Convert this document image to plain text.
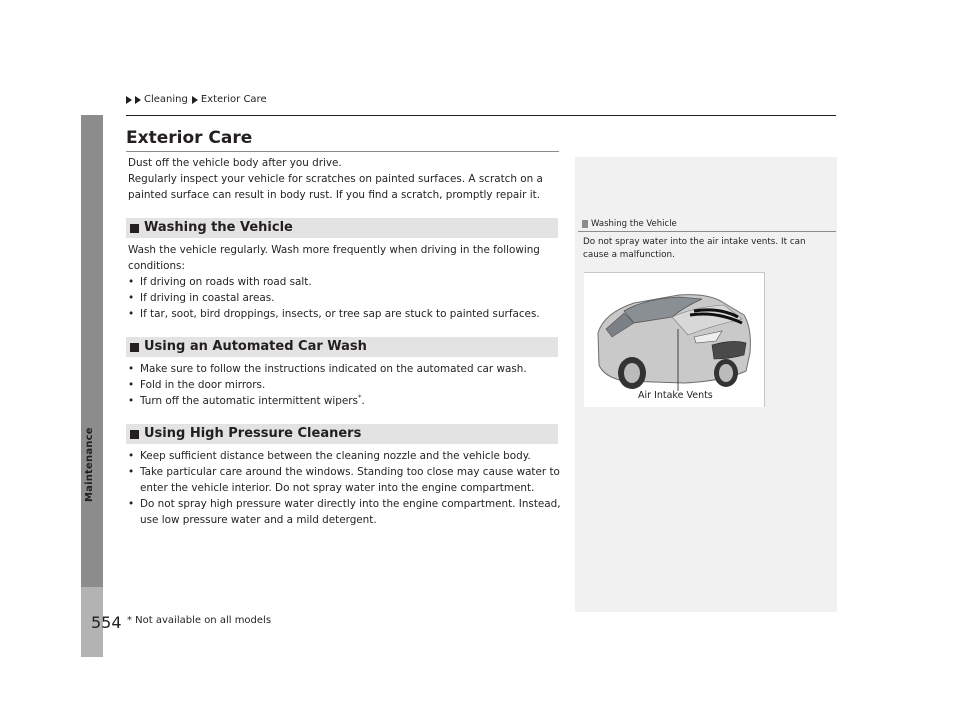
Maintenance
Cleaning Exterior Care
Exterior Care

Dust off the vehicle body after you drive.
Regularly inspect your vehicle for scratches on painted surfaces. A scratch on a
painted surface can result in body rust. If you find a scratch, promptly repair it.

Washing the Vehicle
Wash the vehicle regularly. Wash more frequently when driving in the following
conditions:
• If driving on roads with road salt.
• If driving in coastal areas.
• If tar, soot, bird droppings, insects, or tree sap are stuck to painted surfaces.
Using an Automated Car Wash
• Make sure to follow the instructions indicated on the automated car wash.
• Fold in the door mirrors.
• Turn off the automatic intermittent wipers*.
Using High Pressure Cleaners
• Keep sufficient distance between the cleaning nozzle and the vehicle body.
• Take particular care around the windows. Standing too close may cause water to
enter the vehicle interior. Do not spray water into the engine compartment.
• Do not spray high pressure water directly into the engine compartment. Instead,
use low pressure water and a mild detergent.
Washing the Vehicle

Do not spray water into the air intake vents. It can
cause a malfunction.

Air Intake Vents
554 * Not available on all models
